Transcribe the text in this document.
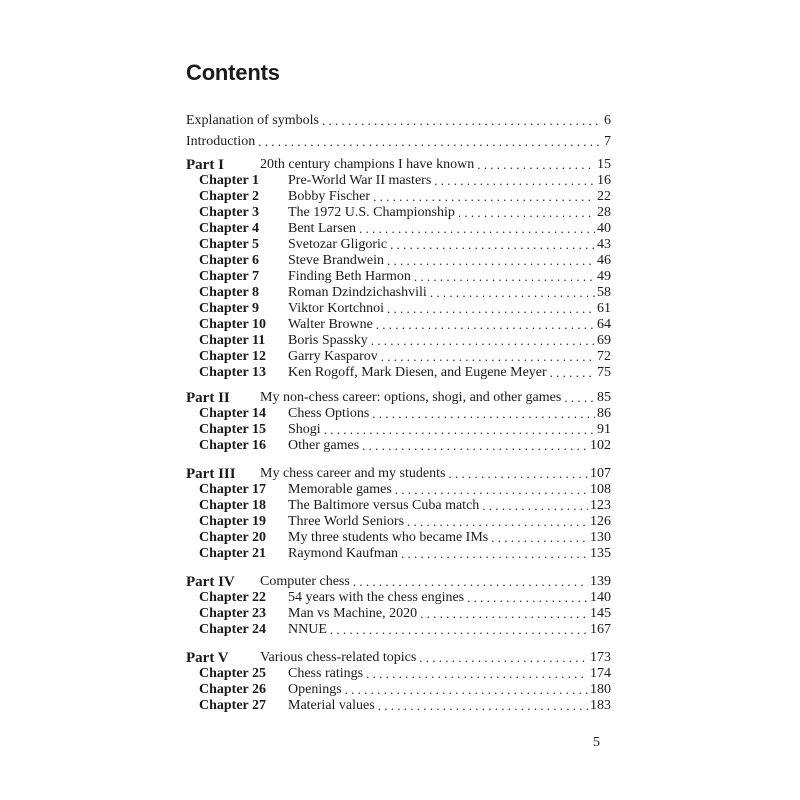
Contents
Explanation of symbols . . .	6
Introduction . . .	7
Part I	20th century champions I have known . . .	15
Chapter 1	Pre-World War II masters . . .	16
Chapter 2	Bobby Fischer . . .	22
Chapter 3	The 1972 U.S. Championship . . .	28
Chapter 4	Bent Larsen . . .	40
Chapter 5	Svetozar Gligoric . . .	43
Chapter 6	Steve Brandwein . . .	46
Chapter 7	Finding Beth Harmon . . .	49
Chapter 8	Roman Dzindzichashvili . . .	58
Chapter 9	Viktor Kortchnoi . . .	61
Chapter 10	Walter Browne . . .	64
Chapter 11	Boris Spassky . . .	69
Chapter 12	Garry Kasparov . . .	72
Chapter 13	Ken Rogoff, Mark Diesen, and Eugene Meyer . . .	75
Part II	My non-chess career: options, shogi, and other games . . .	85
Chapter 14	Chess Options . . .	86
Chapter 15	Shogi . . .	91
Chapter 16	Other games . . .	102
Part III	My chess career and my students . . .	107
Chapter 17	Memorable games . . .	108
Chapter 18	The Baltimore versus Cuba match . . .	123
Chapter 19	Three World Seniors . . .	126
Chapter 20	My three students who became IMs . . .	130
Chapter 21	Raymond Kaufman . . .	135
Part IV	Computer chess . . .	139
Chapter 22	54 years with the chess engines . . .	140
Chapter 23	Man vs Machine, 2020 . . .	145
Chapter 24	NNUE . . .	167
Part V	Various chess-related topics . . .	173
Chapter 25	Chess ratings . . .	174
Chapter 26	Openings . . .	180
Chapter 27	Material values . . .	183
5
